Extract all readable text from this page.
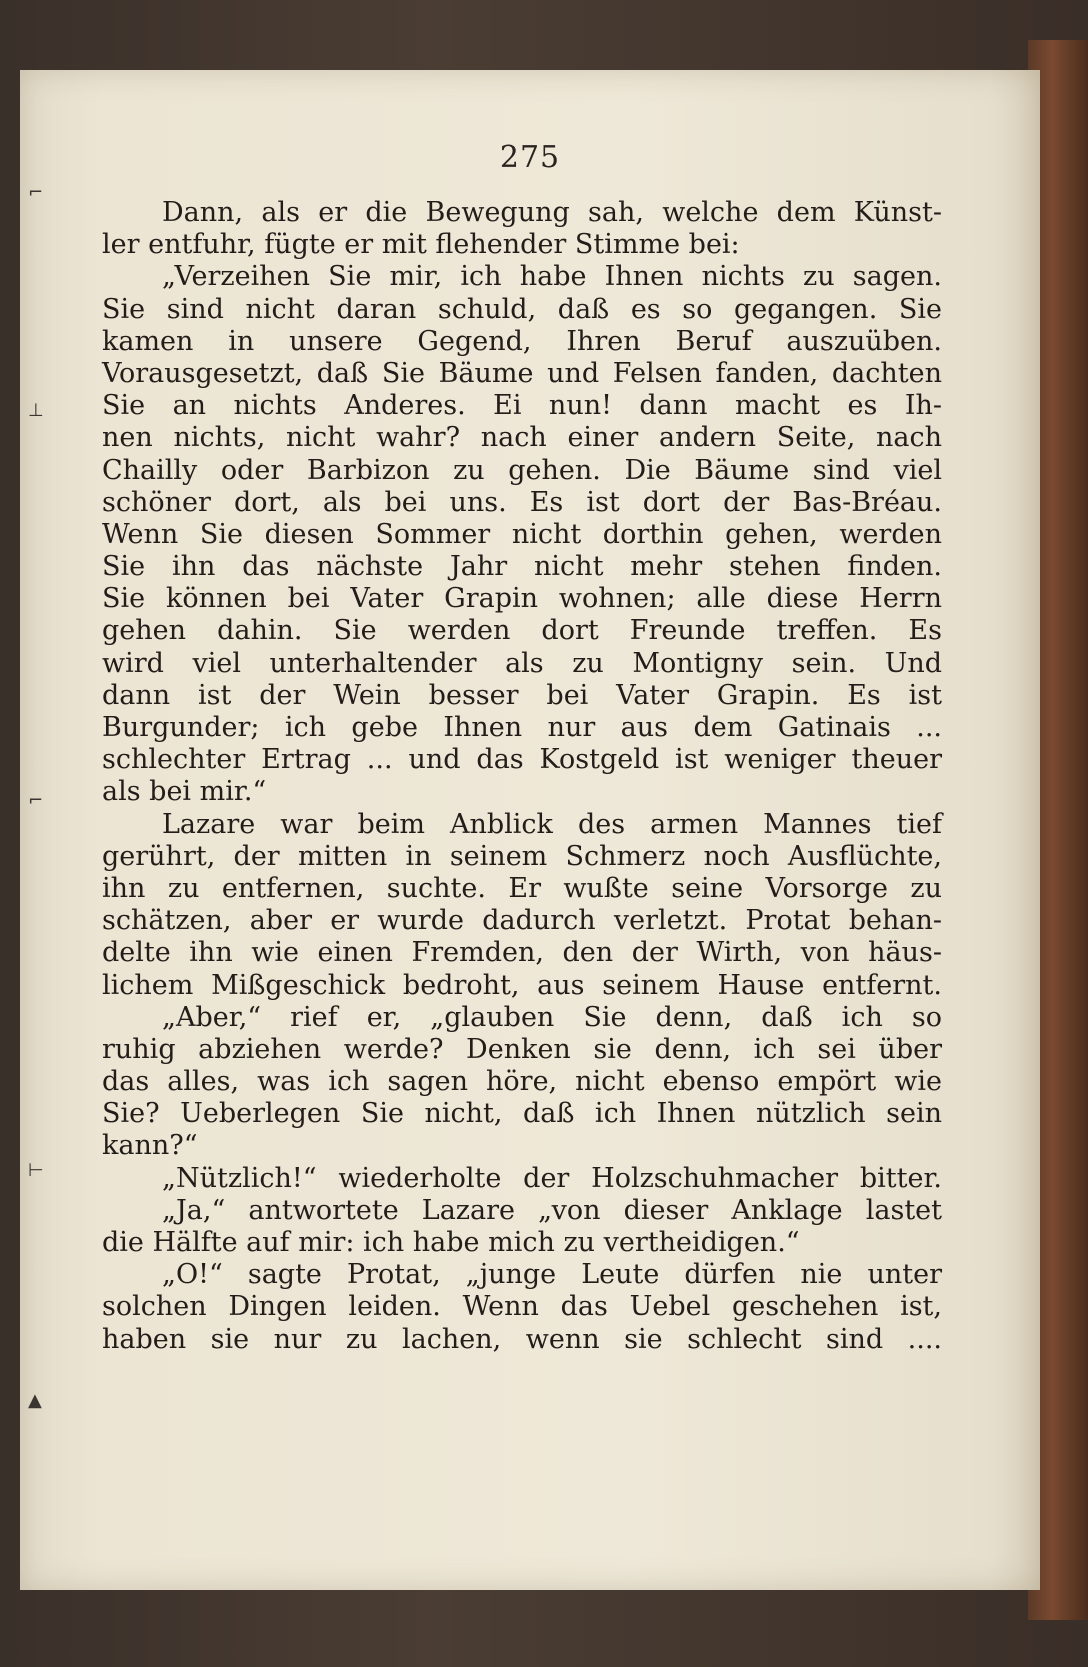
275
Dann, als er die Bewegung sah, welche dem Künst-
ler entfuhr, fügte er mit flehender Stimme bei:
„Verzeihen Sie mir, ich habe Ihnen nichts zu sagen.
Sie sind nicht daran schuld, daß es so gegangen. Sie
kamen in unsere Gegend, Ihren Beruf auszuüben.
Vorausgesetzt, daß Sie Bäume und Felsen fanden, dachten
Sie an nichts Anderes. Ei nun! dann macht es Ih-
nen nichts, nicht wahr? nach einer andern Seite, nach
Chailly oder Barbizon zu gehen. Die Bäume sind viel
schöner dort, als bei uns. Es ist dort der Bas-Bréau.
Wenn Sie diesen Sommer nicht dorthin gehen, werden
Sie ihn das nächste Jahr nicht mehr stehen finden.
Sie können bei Vater Grapin wohnen; alle diese Herrn
gehen dahin. Sie werden dort Freunde treffen. Es
wird viel unterhaltender als zu Montigny sein. Und
dann ist der Wein besser bei Vater Grapin. Es ist
Burgunder; ich gebe Ihnen nur aus dem Gatinais ...
schlechter Ertrag ... und das Kostgeld ist weniger theuer
als bei mir.“
Lazare war beim Anblick des armen Mannes tief
gerührt, der mitten in seinem Schmerz noch Ausflüchte,
ihn zu entfernen, suchte. Er wußte seine Vorsorge zu
schätzen, aber er wurde dadurch verletzt. Protat behan-
delte ihn wie einen Fremden, den der Wirth, von häus-
lichem Mißgeschick bedroht, aus seinem Hause entfernt.
„Aber,“ rief er, „glauben Sie denn, daß ich so
ruhig abziehen werde? Denken sie denn, ich sei über
das alles, was ich sagen höre, nicht ebenso empört wie
Sie? Ueberlegen Sie nicht, daß ich Ihnen nützlich sein
kann?“
„Nützlich!“ wiederholte der Holzschuhmacher bitter.
„Ja,“ antwortete Lazare „von dieser Anklage lastet
die Hälfte auf mir: ich habe mich zu vertheidigen.“
„O!“ sagte Protat, „junge Leute dürfen nie unter
solchen Dingen leiden. Wenn das Uebel geschehen ist,
haben sie nur zu lachen, wenn sie schlecht sind ....
⌐
⊥
⌐
⊢
▲
